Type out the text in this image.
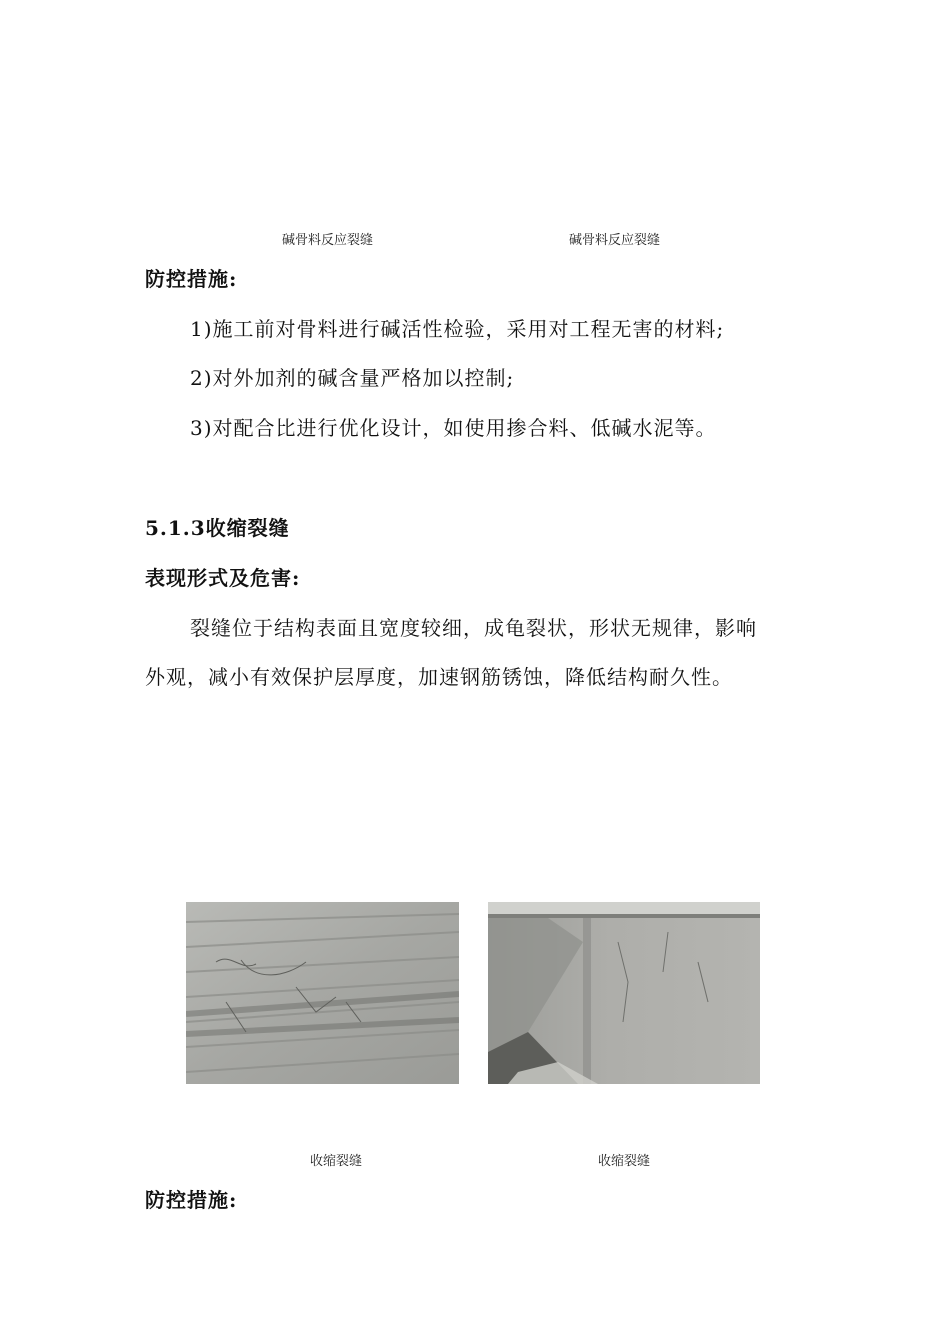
碱骨料反应裂缝	碱骨料反应裂缝
防控措施:
1)施工前对骨料进行碱活性检验，采用对工程无害的材料;
2)对外加剂的碱含量严格加以控制;
3)对配合比进行优化设计，如使用掺合料、低碱水泥等。
5.1.3收缩裂缝
表现形式及危害:
裂缝位于结构表面且宽度较细，成龟裂状，形状无规律，影响
外观，减小有效保护层厚度，加速钢筋锈蚀，降低结构耐久性。
收缩裂缝	收缩裂缝
防控措施:
